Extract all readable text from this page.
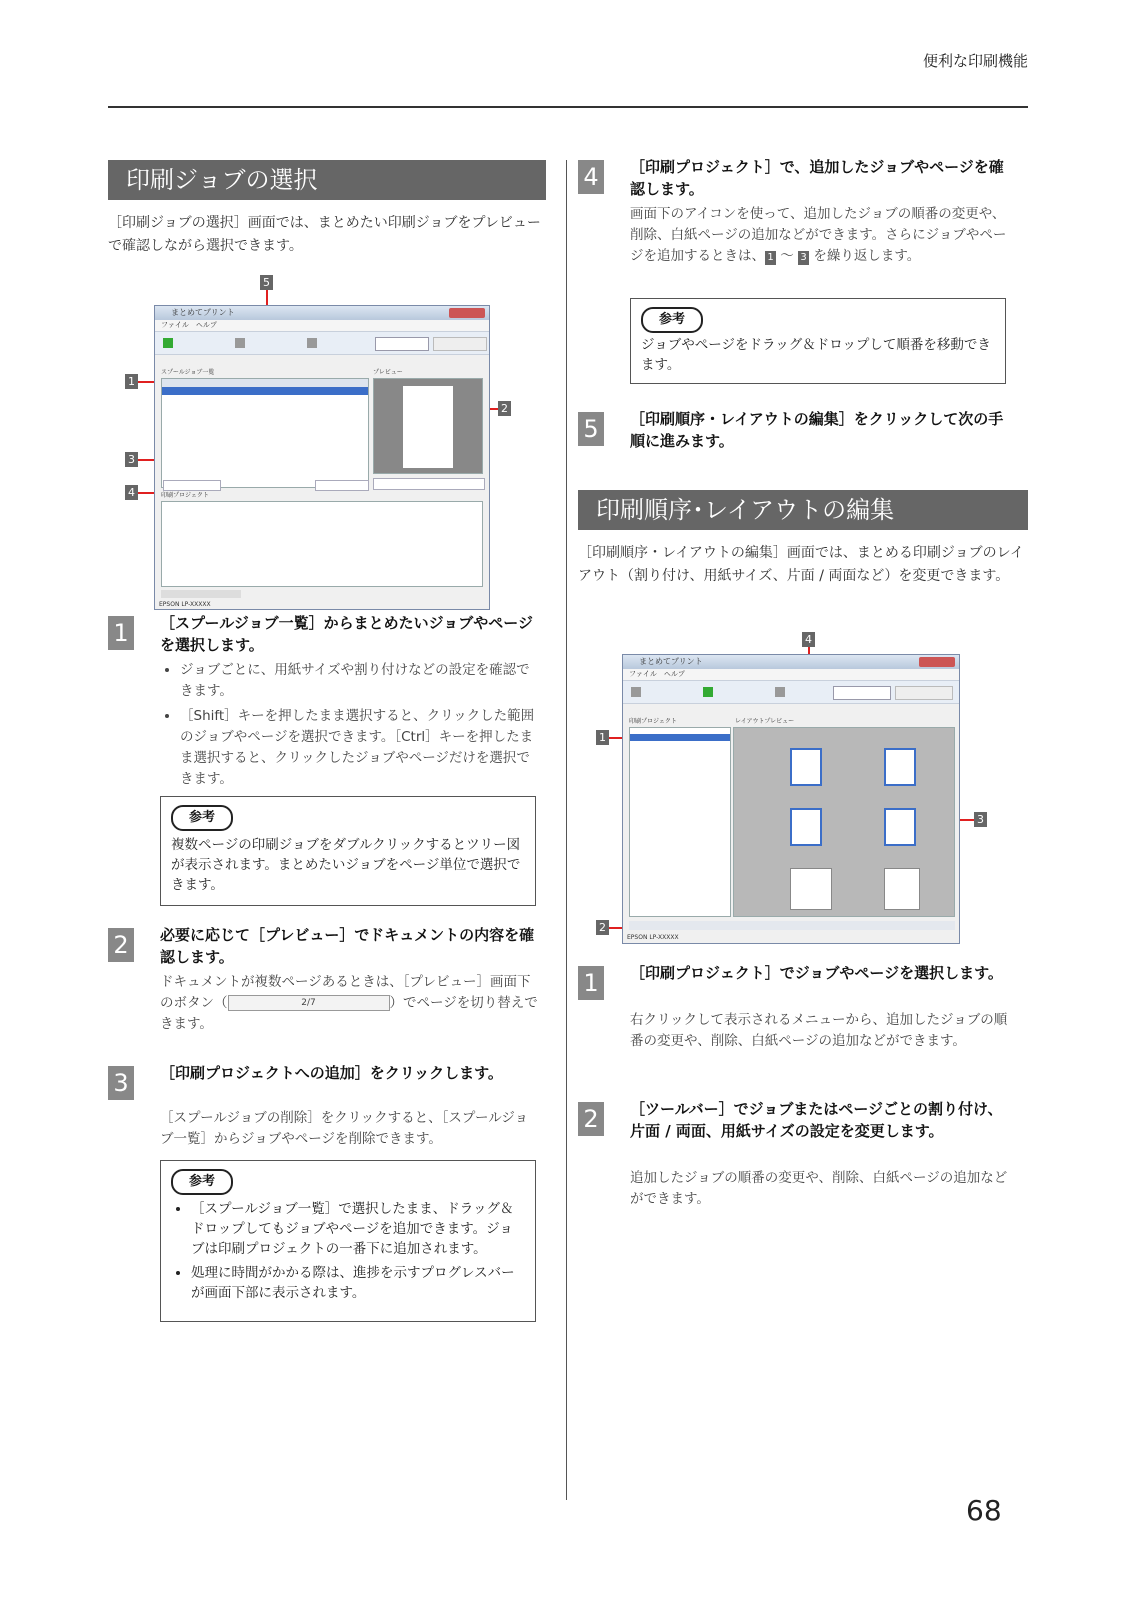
便利な印刷機能
印刷ジョブの選択
［印刷ジョブの選択］画面では、まとめたい印刷ジョブをプレビューで確認しながら選択できます。
5
1
2
3
4
まとめてプリント
ファイル　ヘルプ
スプールジョブ一覧	プレビュー
印刷プロジェクト
EPSON LP-XXXXX
1	［スプールジョブ一覧］からまとめたいジョブやページを選択します。
• ジョブごとに、用紙サイズや割り付けなどの設定を確認できます。
• ［Shift］キーを押したまま選択すると、クリックした範囲のジョブやページを選択できます。［Ctrl］キーを押したまま選択すると、クリックしたジョブやページだけを選択できます。
参考
複数ページの印刷ジョブをダブルクリックするとツリー図が表示されます。まとめたいジョブをページ単位で選択できます。
2	必要に応じて［プレビュー］でドキュメントの内容を確認します。
ドキュメントが複数ページあるときは、［プレビュー］画面下のボタン（	2/7	）でページを切り替えできます。
3	［印刷プロジェクトへの追加］をクリックします。
［スプールジョブの削除］をクリックすると、［スプールジョブ一覧］からジョブやページを削除できます。
参考
• ［スプールジョブ一覧］で選択したまま、ドラッグ＆ドロップしてもジョブやページを追加できます。ジョブは印刷プロジェクトの一番下に追加されます。
• 処理に時間がかかる際は、進捗を示すプログレスバーが画面下部に表示されます。
4	［印刷プロジェクト］で、追加したジョブやページを確認します。
画面下のアイコンを使って、追加したジョブの順番の変更や、削除、白紙ページの追加などができます。さらにジョブやページを追加するときは、 1 ～ 3 を繰り返します。
参考
ジョブやページをドラッグ＆ドロップして順番を移動できます。
5	［印刷順序・レイアウトの編集］をクリックして次の手順に進みます。
印刷順序･レイアウトの編集
［印刷順序・レイアウトの編集］画面では、まとめる印刷ジョブのレイアウト（割り付け、用紙サイズ、片面 / 両面など）を変更できます。
4
1
3
2
まとめてプリント
ファイル　ヘルプ
印刷プロジェクト	レイアウトプレビュー
EPSON LP-XXXXX
1	［印刷プロジェクト］でジョブやページを選択します。
右クリックして表示されるメニューから、追加したジョブの順番の変更や、削除、白紙ページの追加などができます。
2	［ツールバー］でジョブまたはページごとの割り付け、片面 / 両面、用紙サイズの設定を変更します。
追加したジョブの順番の変更や、削除、白紙ページの追加などができます。
68
